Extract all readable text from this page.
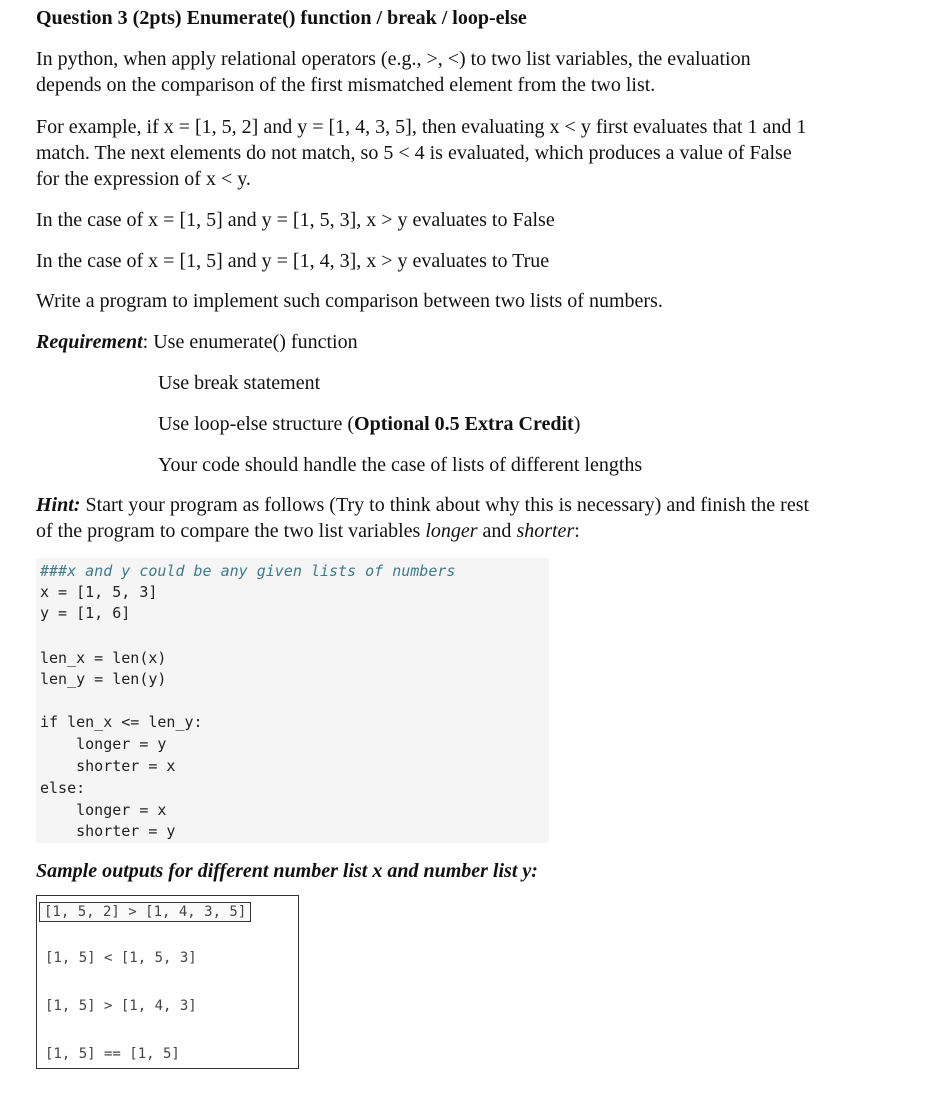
Question 3 (2pts) Enumerate() function / break / loop-else
In python, when apply relational operators (e.g., >, <) to two list variables, the evaluation
depends on the comparison of the first mismatched element from the two list.
For example, if x = [1, 5, 2] and y = [1, 4, 3, 5], then evaluating x < y first evaluates that 1 and 1
match. The next elements do not match, so 5 < 4 is evaluated, which produces a value of False
for the expression of x < y.
In the case of x = [1, 5] and y = [1, 5, 3], x > y evaluates to False
In the case of x = [1, 5] and y = [1, 4, 3], x > y evaluates to True
Write a program to implement such comparison between two lists of numbers.
Requirement: Use enumerate() function
Use break statement
Use loop-else structure (Optional 0.5 Extra Credit)
Your code should handle the case of lists of different lengths
Hint: Start your program as follows (Try to think about why this is necessary) and finish the rest
of the program to compare the two list variables longer and shorter:
###x and y could be any given lists of numbers
x = [1, 5, 3]
y = [1, 6]
len_x = len(x)
len_y = len(y)
if len_x <= len_y:
longer = y
shorter = x
else:
longer = x
shorter = y
Sample outputs for different number list x and number list y:
[1, 5, 2] > [1, 4, 3, 5]
[1, 5] < [1, 5, 3]
[1, 5] > [1, 4, 3]
[1, 5] == [1, 5]
